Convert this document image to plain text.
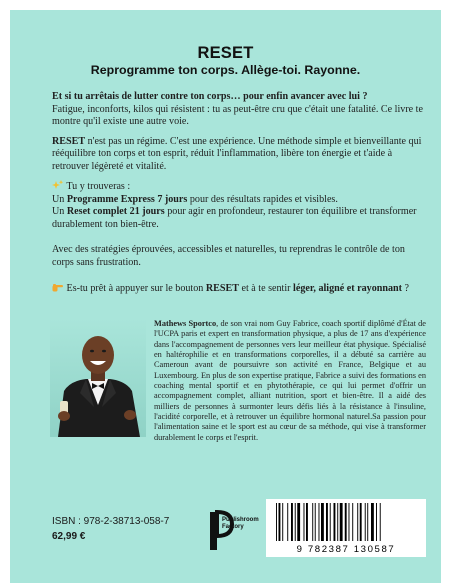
RESET
Reprogramme ton corps. Allège-toi. Rayonne.

Et si tu arrêtais de lutter contre ton corps… pour enfin avancer avec lui ?
Fatigue, inconforts, kilos qui résistent : tu as peut-être cru que c'était une fatalité. Ce livre te montre qu'il existe une autre voie.

RESET n'est pas un régime. C'est une expérience. Une méthode simple et bienveillante qui rééquilibre ton corps et ton esprit, réduit l'inflammation, libère ton énergie et t'aide à retrouver légèreté et vitalité.

Tu y trouveras :
Un Programme Express 7 jours pour des résultats rapides et visibles.
Un Reset complet 21 jours pour agir en profondeur, restaurer ton équilibre et transformer durablement ton bien-être.

Avec des stratégies éprouvées, accessibles et naturelles, tu reprendras le contrôle de ton corps sans frustration.

Es-tu prêt à appuyer sur le bouton RESET et à te sentir léger, aligné et rayonnant ?

Mathews Sportco, de son vrai nom Guy Fabrice, coach sportif diplômé d'État de l'UCPA paris et expert en transformation physique, a plus de 17 ans d'expérience dans l'accompagnement de personnes vers leur meilleur état physique. Spécialisé en haltérophilie et en transformations corporelles, il a débuté sa carrière au Cameroun avant de poursuivre son activité en France, Belgique et au Luxembourg. En plus de son expertise pratique, Fabrice a suivi des formations en coaching mental sportif et en phytothérapie, ce qui lui permet d'offrir un accompagnement complet, alliant nutrition, sport et bien-être. Il a aidé des milliers de personnes à surmonter leurs défis liés à la résistance à l'insuline, l'acidité corporelle, et à retrouver un équilibre hormonal naturel.Sa passion pour l'alimentation saine et le sport est au cœur de sa méthode, qui vise à transformer durablement le corps et l'esprit.

ISBN : 978-2-38713-058-7
62,99 €
Publishroom
Factory
9 782387 130587
